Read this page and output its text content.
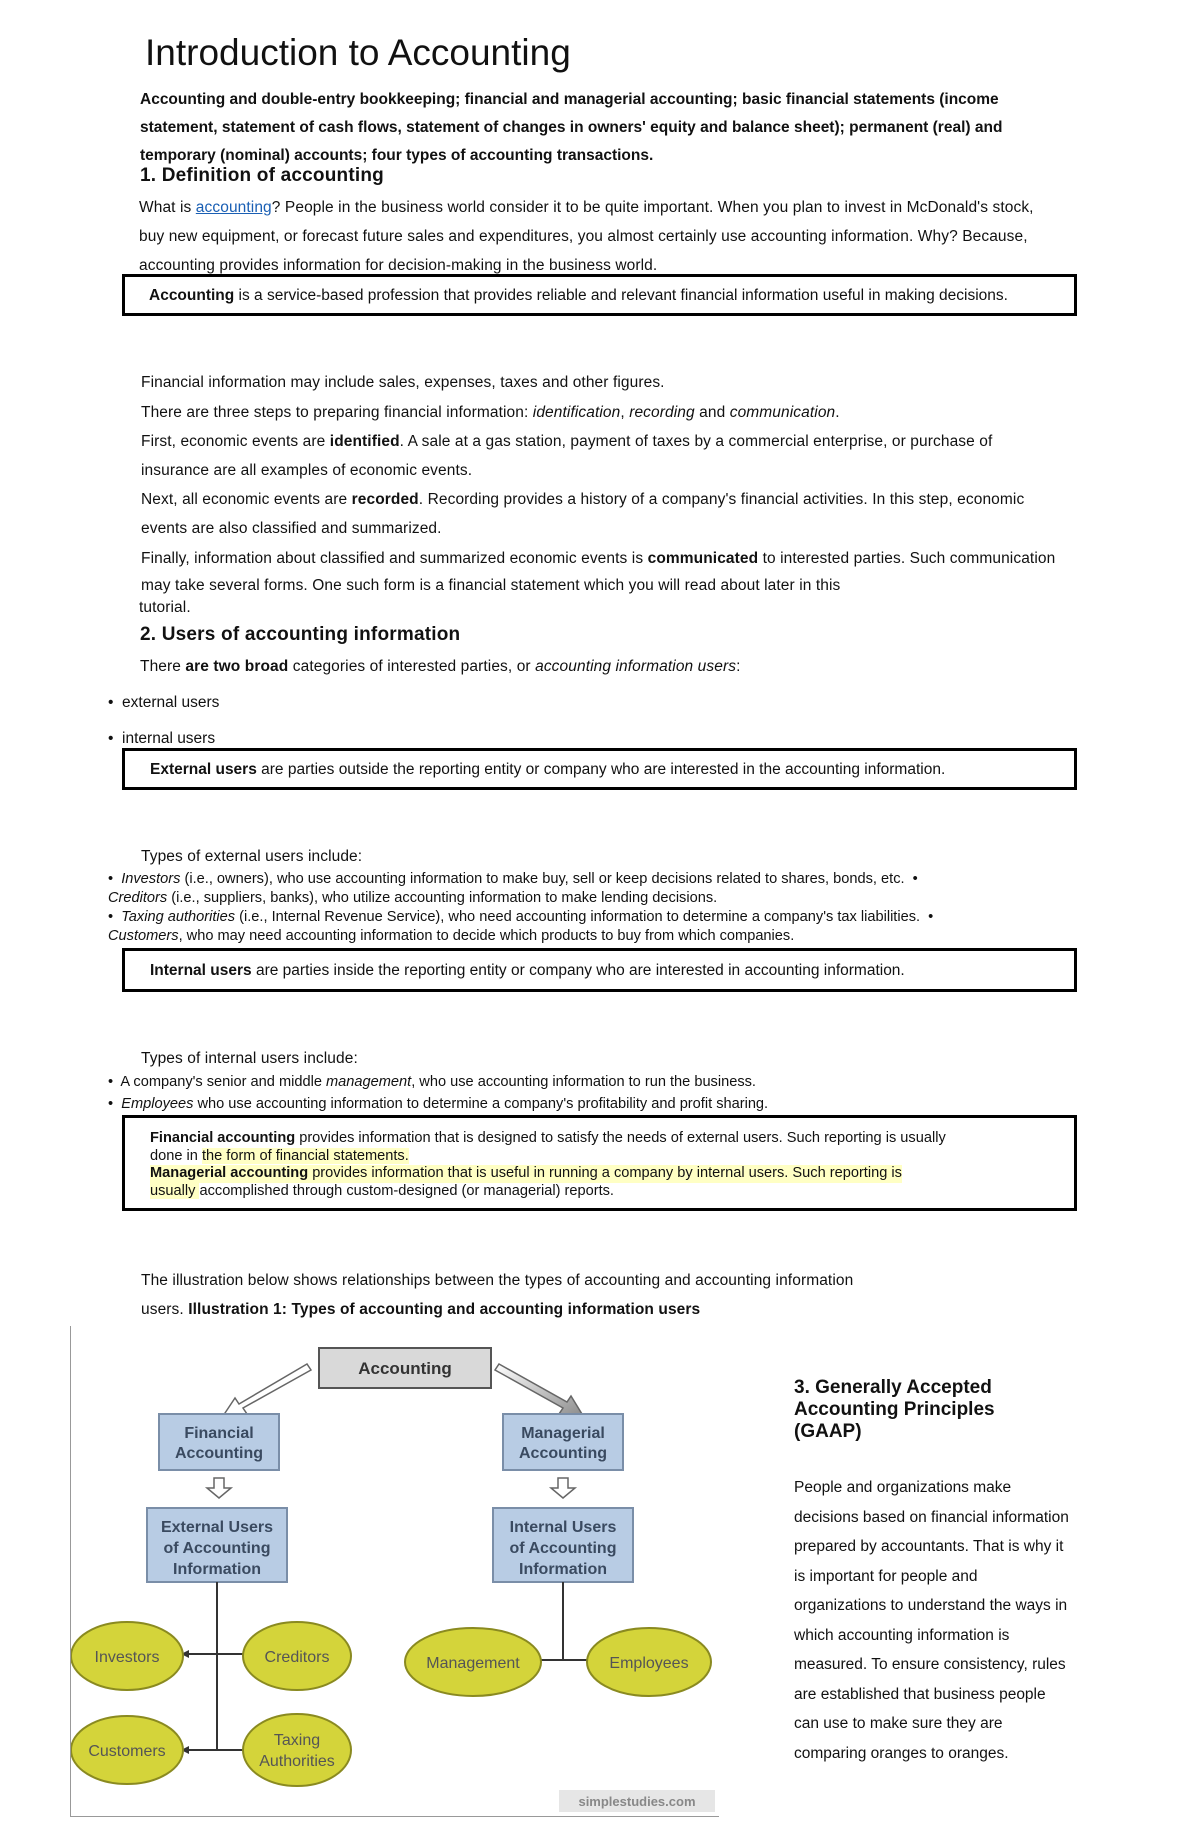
Introduction to Accounting
Accounting and double-entry bookkeeping; financial and managerial accounting; basic financial statements (income statement, statement of cash flows, statement of changes in owners' equity and balance sheet); permanent (real) and temporary (nominal) accounts; four types of accounting transactions.
1. Definition of accounting
What is accounting? People in the business world consider it to be quite important. When you plan to invest in McDonald's stock, buy new equipment, or forecast future sales and expenditures, you almost certainly use accounting information. Why? Because, accounting provides information for decision-making in the business world.
Accounting is a service-based profession that provides reliable and relevant financial information useful in making decisions.
Financial information may include sales, expenses, taxes and other figures.
There are three steps to preparing financial information: identification, recording and communication.
First, economic events are identified. A sale at a gas station, payment of taxes by a commercial enterprise, or purchase of insurance are all examples of economic events.
Next, all economic events are recorded. Recording provides a history of a company's financial activities. In this step, economic events are also classified and summarized.
Finally, information about classified and summarized economic events is communicated to interested parties. Such communication may take several forms. One such form is a financial statement which you will read about later in this
tutorial.
2. Users of accounting information
There are two broad categories of interested parties, or accounting information users:
•  external users
•  internal users
External users are parties outside the reporting entity or company who are interested in the accounting information.
Types of external users include:
•  Investors (i.e., owners), who use accounting information to make buy, sell or keep decisions related to shares, bonds, etc.  •
Creditors (i.e., suppliers, banks), who utilize accounting information to make lending decisions.
•  Taxing authorities (i.e., Internal Revenue Service), who need accounting information to determine a company's tax liabilities.  •
Customers, who may need accounting information to decide which products to buy from which companies.
Internal users are parties inside the reporting entity or company who are interested in accounting information.
Types of internal users include:
•  A company's senior and middle management, who use accounting information to run the business.
•  Employees who use accounting information to determine a company's profitability and profit sharing.
Financial accounting provides information that is designed to satisfy the needs of external users. Such reporting is usually
done in the form of financial statements.
Managerial accounting provides information that is useful in running a company by internal users. Such reporting is
usually accomplished through custom-designed (or managerial) reports.
The illustration below shows relationships between the types of accounting and accounting information
users. Illustration 1: Types of accounting and accounting information users
Accounting
Financial
Accounting
Managerial
Accounting
External Users
of Accounting
Information
Internal Users
of Accounting
Information
Investors	Creditors
Customers
Taxing
Authorities
Management	Employees
simplestudies.com
3. Generally Accepted Accounting Principles (GAAP)
People and organizations make decisions based on financial information prepared by accountants. That is why it is important for people and organizations to understand the ways in which accounting information is measured. To ensure consistency, rules are established that business people can use to make sure they are comparing oranges to oranges.
